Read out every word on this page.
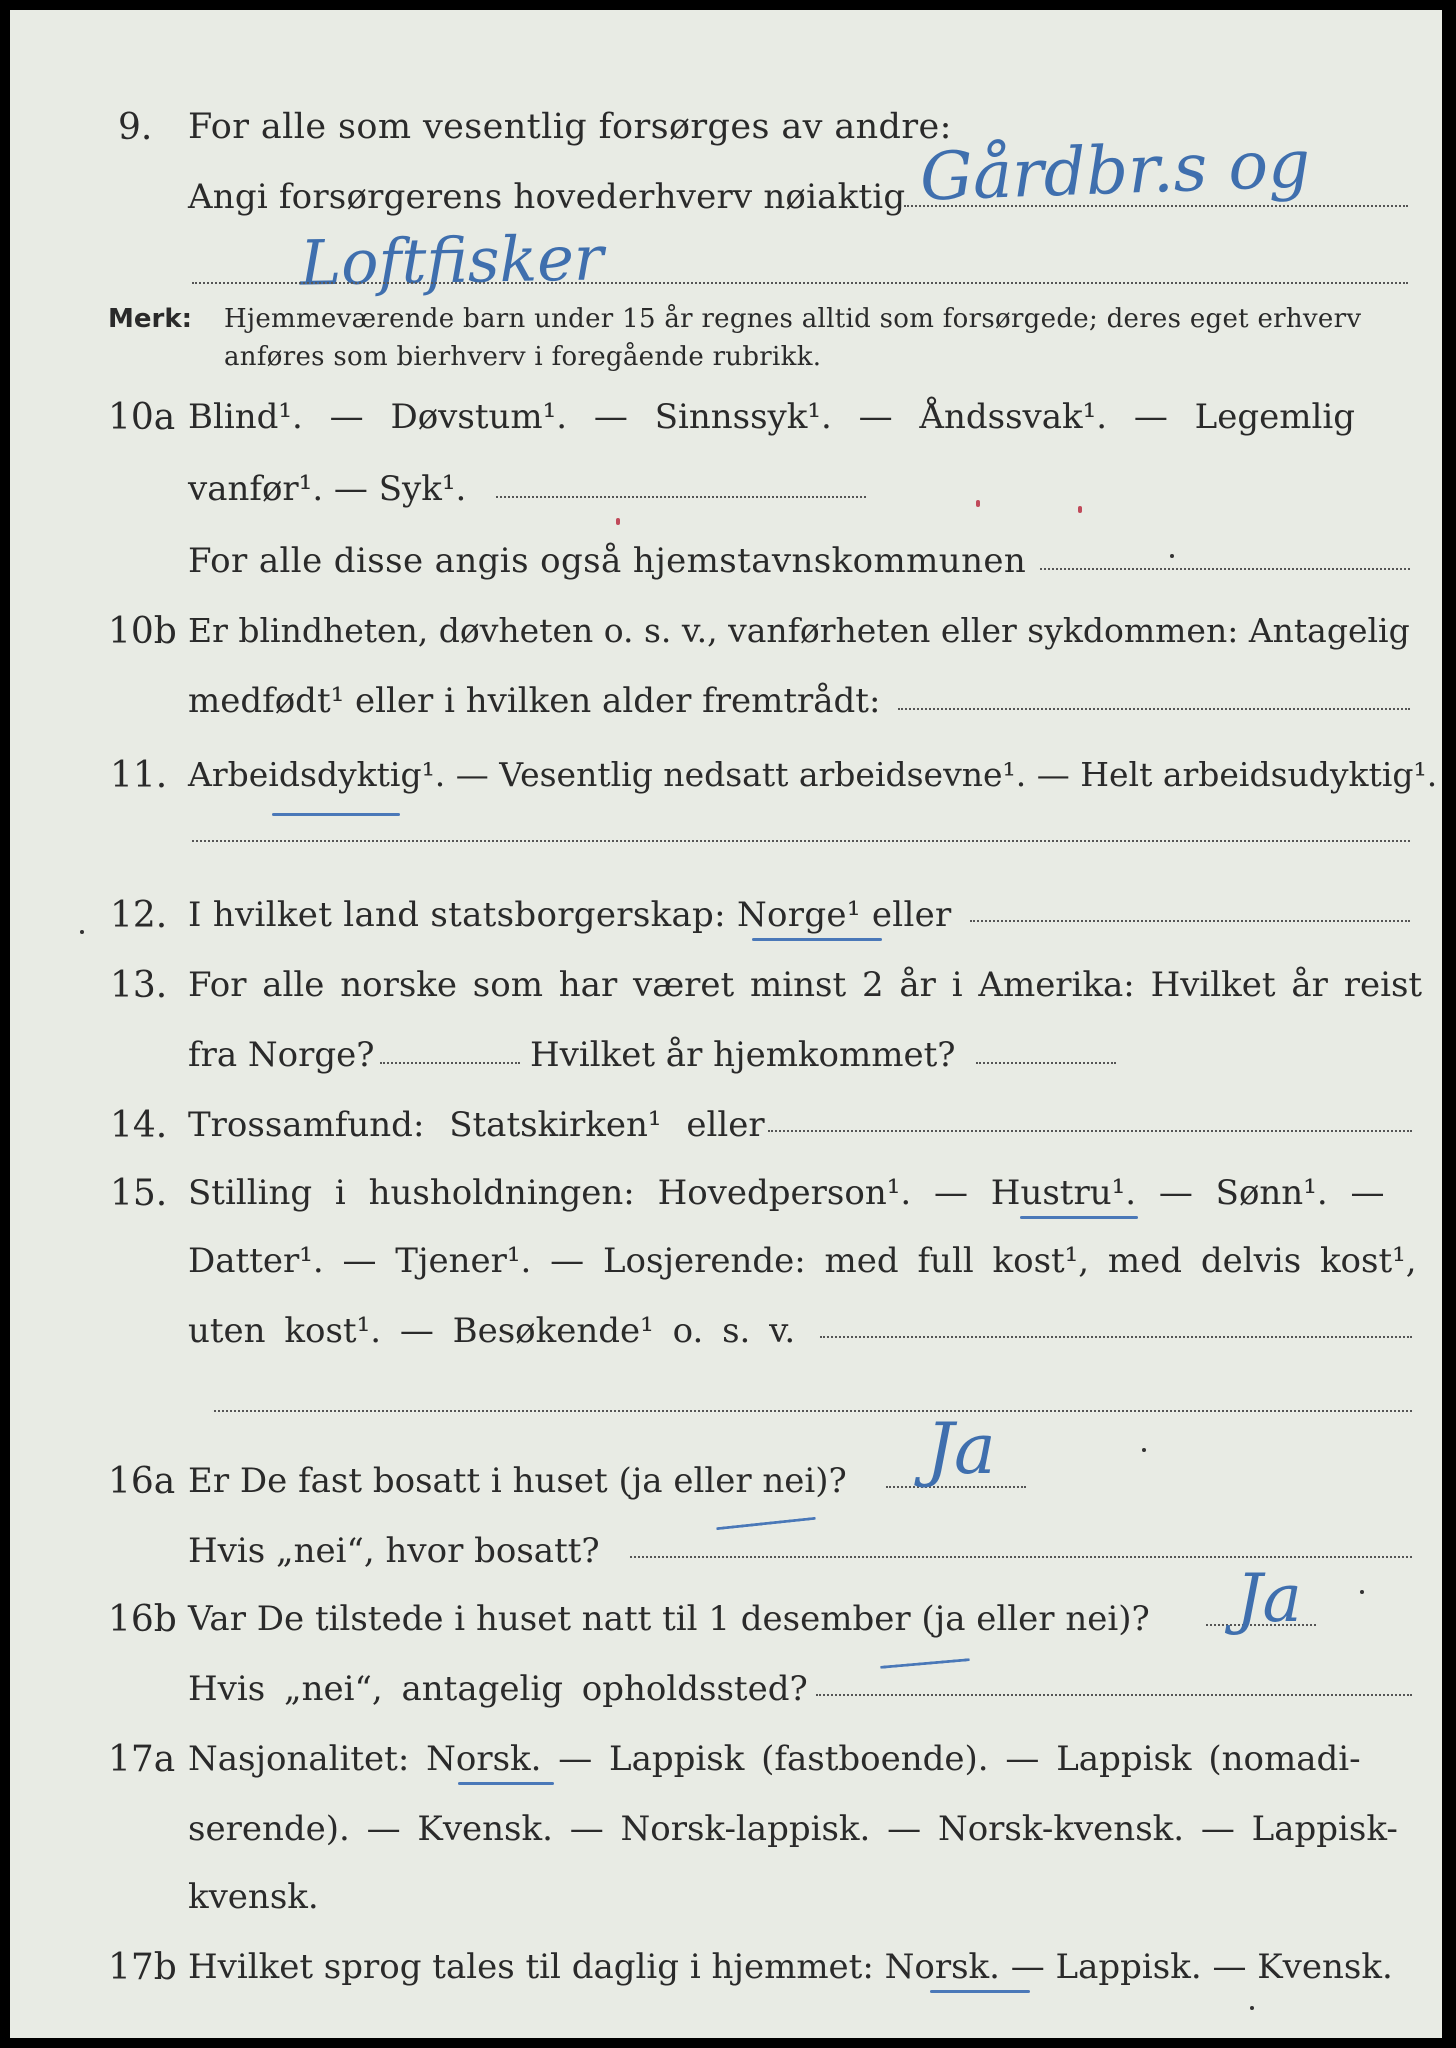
9. For alle som vesentlig forsørges av andre:
Angi forsørgerens hovederhverv nøiaktig Gårdbr.s og
Loftfisker
Merk: Hjemmeværende barn under 15 år regnes alltid som forsørgede; deres eget erhverv
anføres som bierhverv i foregående rubrikk.
10a Blind¹. — Døvstum¹. — Sinnssyk¹. — Åndssvak¹. — Legemlig
vanfør¹. — Syk¹.
For alle disse angis også hjemstavnskommunen
10b Er blindheten, døvheten o. s. v., vanførheten eller sykdommen: Antagelig
medfødt¹ eller i hvilken alder fremtrådt:
11. Arbeidsdyktig¹. — Vesentlig nedsatt arbeidsevne¹. — Helt arbeidsudyktig¹.
12. I hvilket land statsborgerskap: Norge¹ eller
13. For alle norske som har været minst 2 år i Amerika: Hvilket år reist
fra Norge?	Hvilket år hjemkommet?
14. Trossamfund: Statskirken¹ eller
15. Stilling i husholdningen: Hovedperson¹. — Hustru¹. — Sønn¹. —
Datter¹. — Tjener¹. — Losjerende: med full kost¹, med delvis kost¹,
uten kost¹. — Besøkende¹ o. s. v.
16a Er De fast bosatt i huset (ja eller nei)? Ja
Hvis „nei“, hvor bosatt?
16b Var De tilstede i huset natt til 1 desember (ja eller nei)? Ja
Hvis „nei“, antagelig opholdssted?
17a Nasjonalitet: Norsk. — Lappisk (fastboende). — Lappisk (nomadi-
serende). — Kvensk. — Norsk-lappisk. — Norsk-kvensk. — Lappisk-
kvensk.
17b Hvilket sprog tales til daglig i hjemmet: Norsk. — Lappisk. — Kvensk.
